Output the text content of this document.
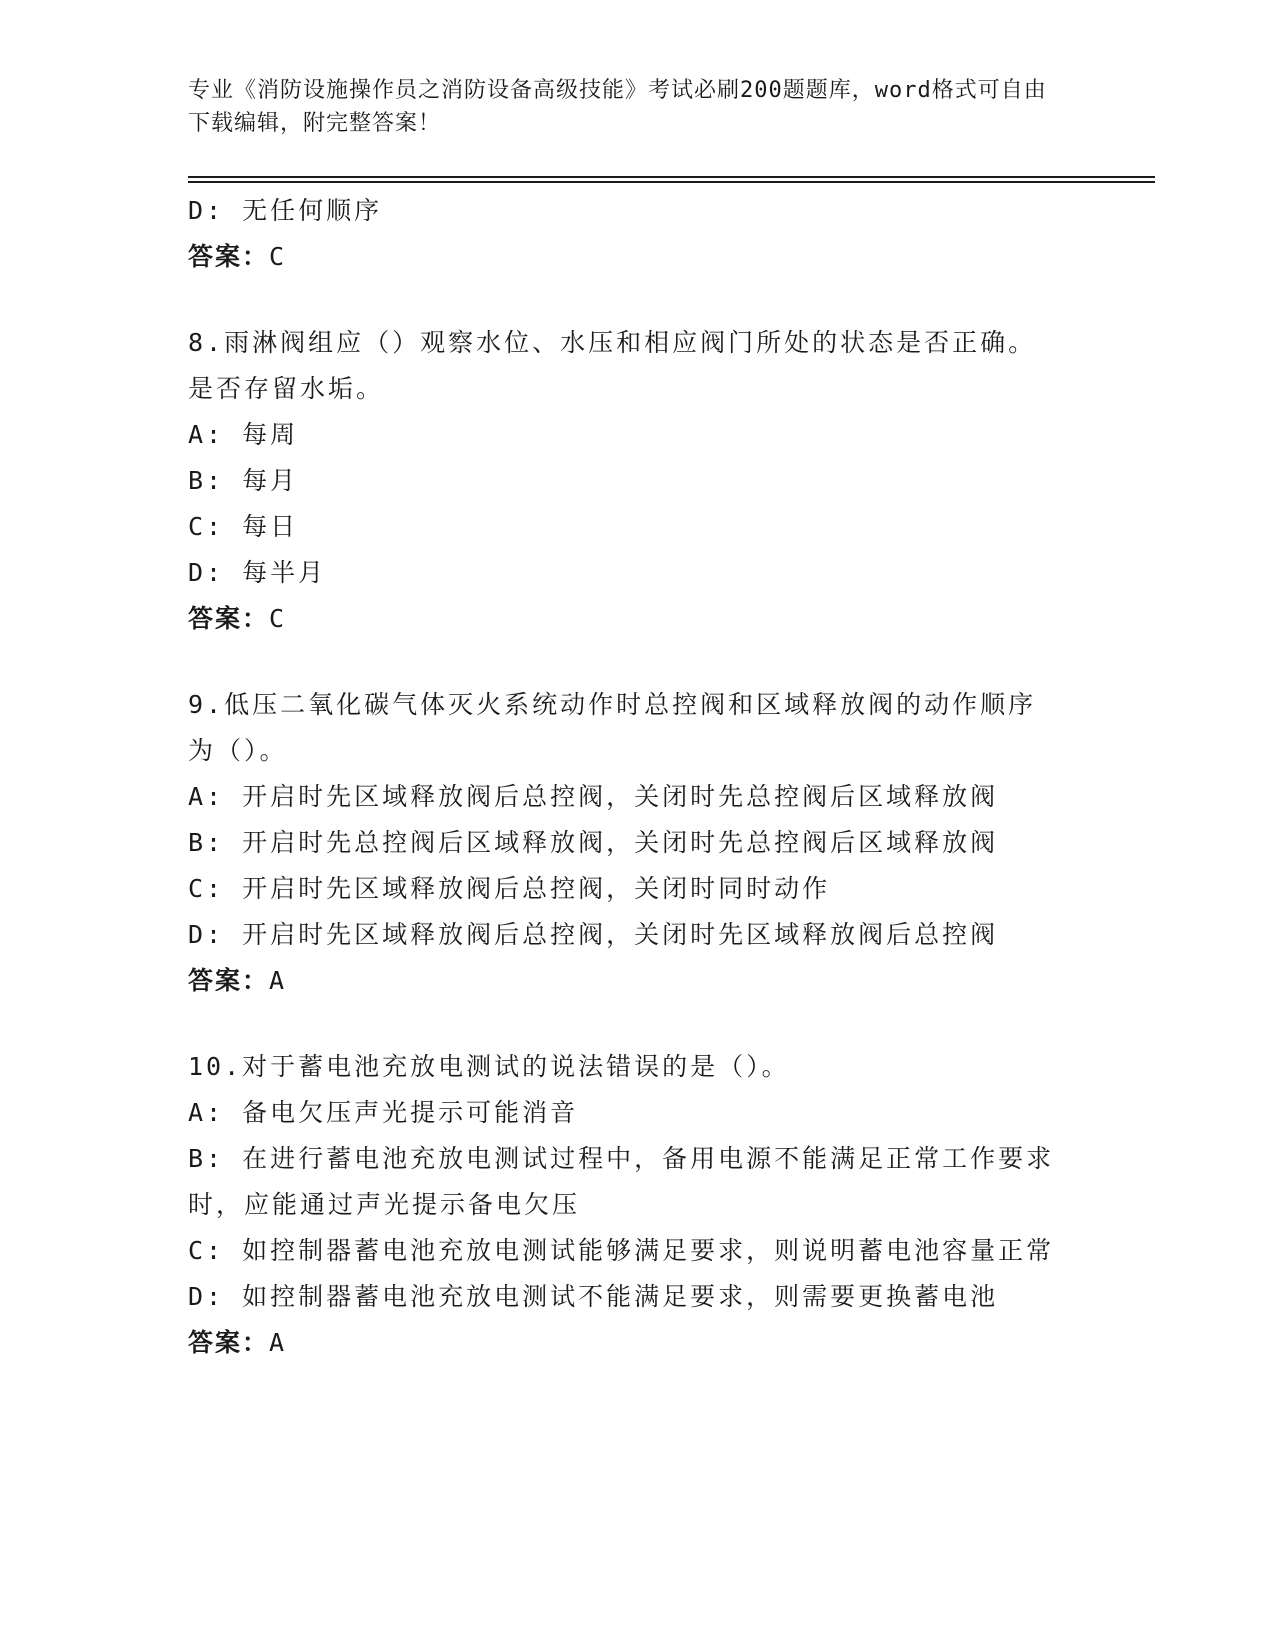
专业《消防设施操作员之消防设备高级技能》考试必刷200题题库，word格式可自由下载编辑，附完整答案！
D: 无任何顺序
答案：C
8.雨淋阀组应（）观察水位、水压和相应阀门所处的状态是否正确。
是否存留水垢。
A: 每周
B: 每月
C: 每日
D: 每半月
答案：C
9.低压二氧化碳气体灭火系统动作时总控阀和区域释放阀的动作顺序
为（）。
A: 开启时先区域释放阀后总控阀，关闭时先总控阀后区域释放阀
B: 开启时先总控阀后区域释放阀，关闭时先总控阀后区域释放阀
C: 开启时先区域释放阀后总控阀，关闭时同时动作
D: 开启时先区域释放阀后总控阀，关闭时先区域释放阀后总控阀
答案：A
10.对于蓄电池充放电测试的说法错误的是（）。
A: 备电欠压声光提示可能消音
B: 在进行蓄电池充放电测试过程中，备用电源不能满足正常工作要求
时，应能通过声光提示备电欠压
C: 如控制器蓄电池充放电测试能够满足要求，则说明蓄电池容量正常
D: 如控制器蓄电池充放电测试不能满足要求，则需要更换蓄电池
答案：A
